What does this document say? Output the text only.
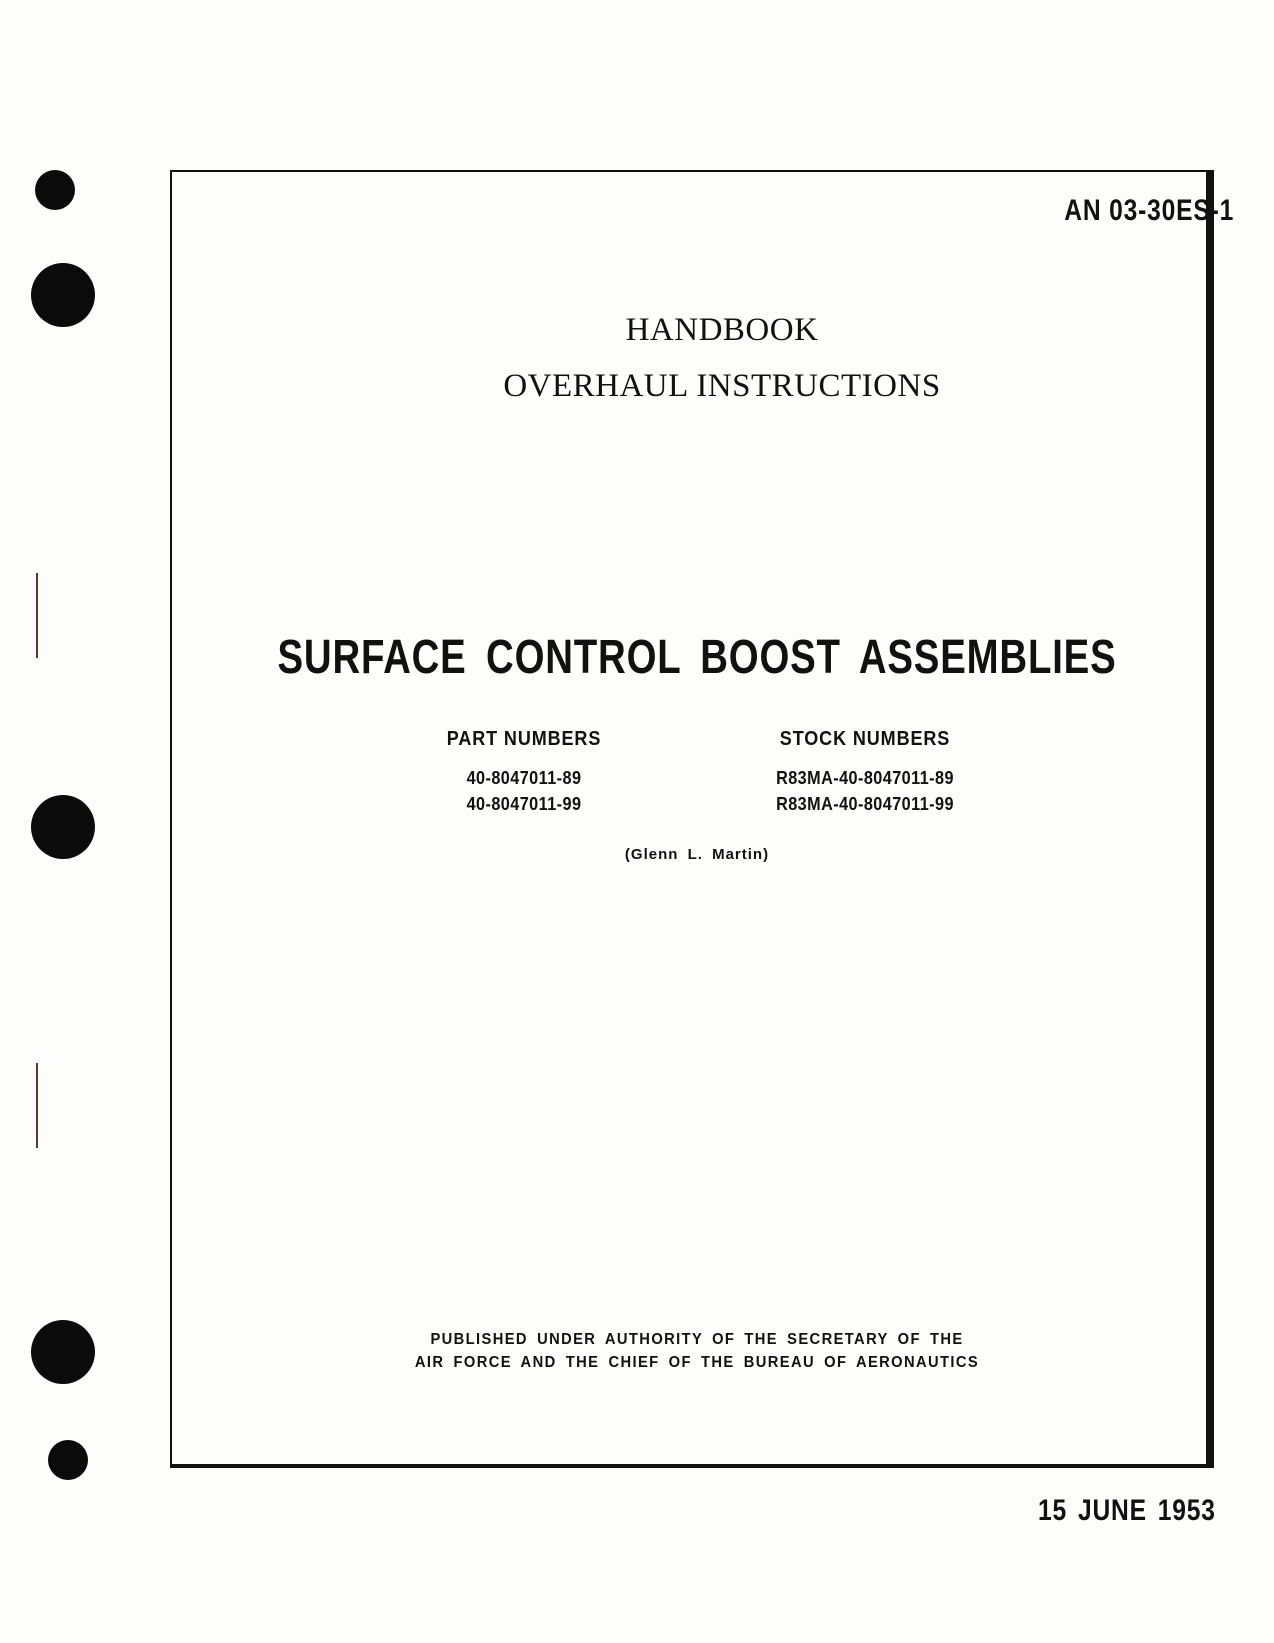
AN 03-30ES-1
HANDBOOK
OVERHAUL INSTRUCTIONS
SURFACE CONTROL BOOST ASSEMBLIES
PART NUMBERS
40-8047011-89
40-8047011-99
STOCK NUMBERS
R83MA-40-8047011-89
R83MA-40-8047011-99
(Glenn L. Martin)
PUBLISHED UNDER AUTHORITY OF THE SECRETARY OF THE
AIR FORCE AND THE CHIEF OF THE BUREAU OF AERONAUTICS
15 JUNE 1953
